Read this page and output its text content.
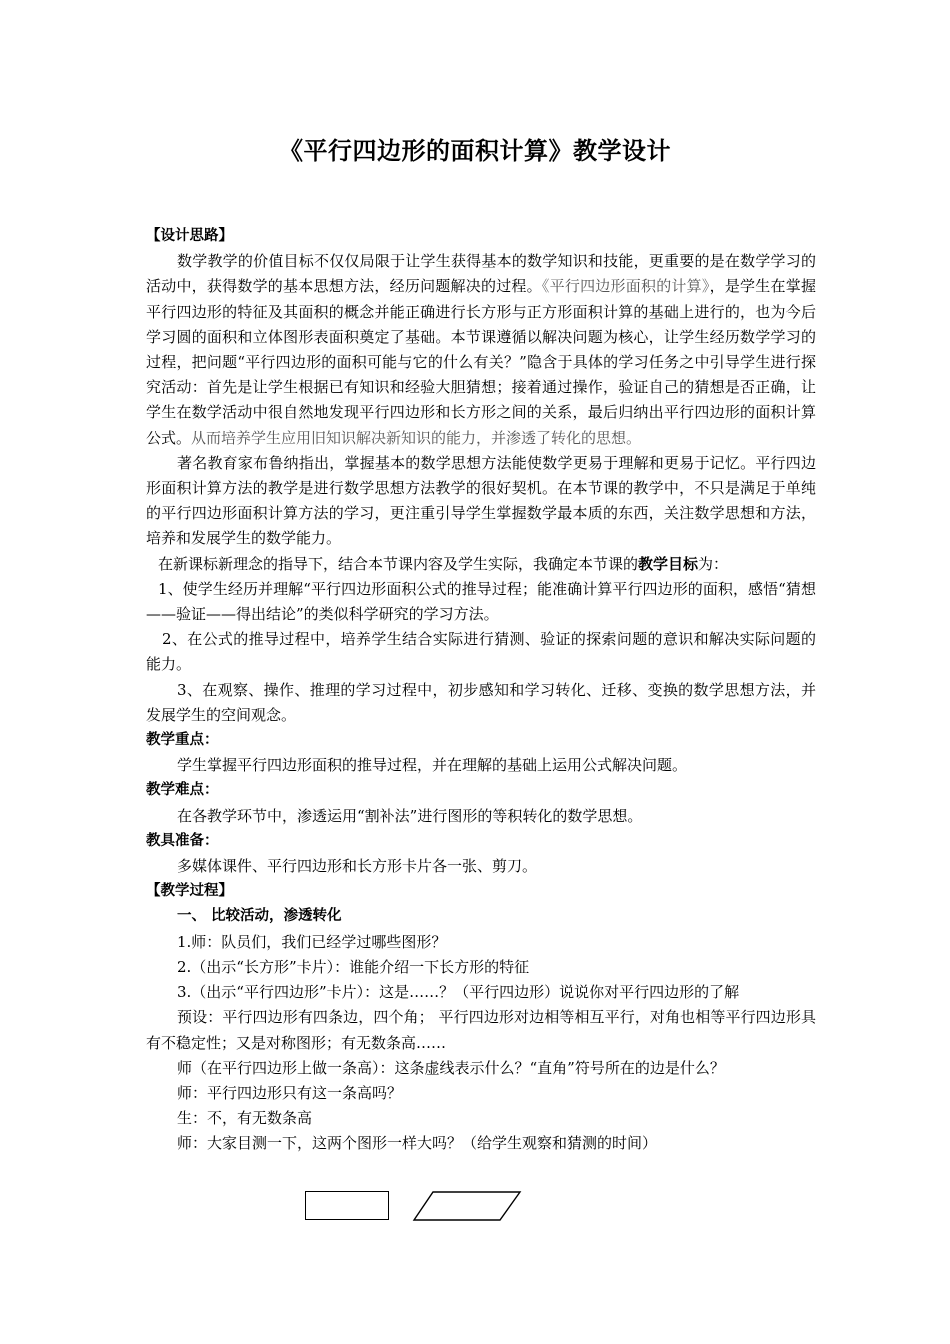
《平行四边形的面积计算》教学设计

【设计思路】

数学教学的价值目标不仅仅局限于让学生获得基本的数学知识和技能，更重要的是在数学学习的活动中，获得数学的基本思想方法，经历问题解决的过程。《平行四边形面积的计算》，是学生在掌握平行四边形的特征及其面积的概念并能正确进行长方形与正方形面积计算的基础上进行的，也为今后学习圆的面积和立体图形表面积奠定了基础。本节课遵循以解决问题为核心，让学生经历数学学习的过程，把问题“平行四边形的面积可能与它的什么有关？”隐含于具体的学习任务之中引导学生进行探究活动：首先是让学生根据已有知识和经验大胆猜想；接着通过操作，验证自己的猜想是否正确，让学生在数学活动中很自然地发现平行四边形和长方形之间的关系，最后归纳出平行四边形的面积计算公式。从而培养学生应用旧知识解决新知识的能力，并渗透了转化的思想。

著名教育家布鲁纳指出，掌握基本的数学思想方法能使数学更易于理解和更易于记忆。平行四边形面积计算方法的教学是进行数学思想方法教学的很好契机。在本节课的教学中，不只是满足于单纯的平行四边形面积计算方法的学习，更注重引导学生掌握数学最本质的东西，关注数学思想和方法，培养和发展学生的数学能力。

在新课标新理念的指导下，结合本节课内容及学生实际，我确定本节课的教学目标为：

1、使学生经历并理解“平行四边形面积公式的推导过程；能准确计算平行四边形的面积，感悟“猜想——验证——得出结论”的类似科学研究的学习方法。

2、在公式的推导过程中，培养学生结合实际进行猜测、验证的探索问题的意识和解决实际问题的能力。

3、在观察、操作、推理的学习过程中，初步感知和学习转化、迁移、变换的数学思想方法，并发展学生的空间观念。

教学重点：

学生掌握平行四边形面积的推导过程，并在理解的基础上运用公式解决问题。

教学难点：

在各教学环节中，渗透运用“割补法”进行图形的等积转化的数学思想。

教具准备：

多媒体课件、平行四边形和长方形卡片各一张、剪刀。

【教学过程】

一、 比较活动，渗透转化

1.师：队员们，我们已经学过哪些图形？

2.（出示“长方形”卡片）：谁能介绍一下长方形的特征

3.（出示“平行四边形”卡片）：这是……？（平行四边形）说说你对平行四边形的了解

预设：平行四边形有四条边，四个角； 平行四边形对边相等相互平行，对角也相等平行四边形具有不稳定性；又是对称图形；有无数条高……

师（在平行四边形上做一条高）：这条虚线表示什么？“直角”符号所在的边是什么？

师：平行四边形只有这一条高吗？

生：不，有无数条高

师：大家目测一下，这两个图形一样大吗？（给学生观察和猜测的时间）
